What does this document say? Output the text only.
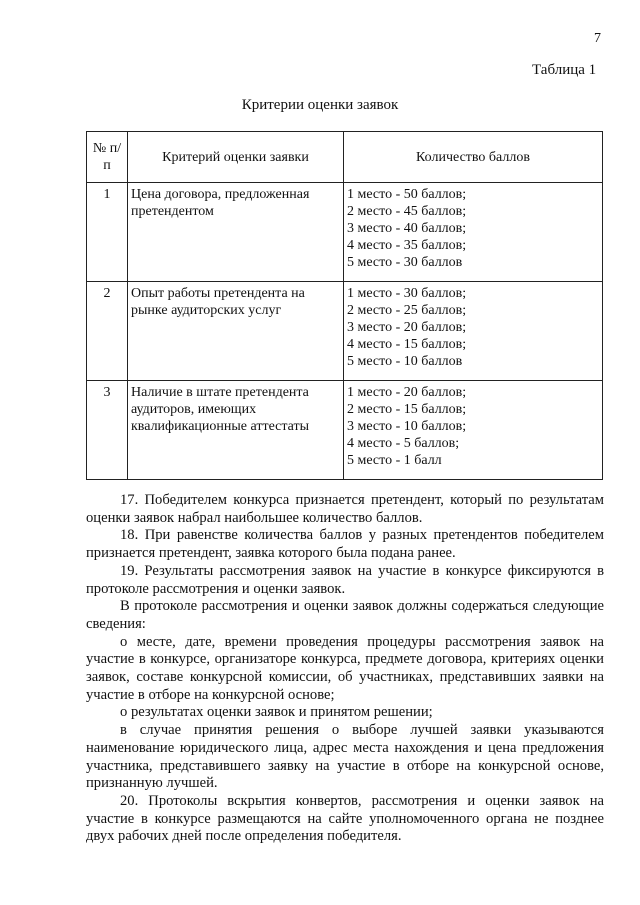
7
Таблица 1
Критерии оценки заявок
№ п/п	Критерий оценки заявки	Количество баллов
1	Цена договора, предложенная претендентом	1 место - 50 баллов;
2 место - 45 баллов;
3 место - 40 баллов;
4 место - 35 баллов;
5 место - 30 баллов

2	Опыт работы претендента на рынке аудиторских услуг	1 место - 30 баллов;
2 место - 25 баллов;
3 место - 20 баллов;
4 место - 15 баллов;
5 место - 10 баллов

3	Наличие в штате претендента аудиторов, имеющих квалификационные аттестаты	1 место - 20 баллов;
2 место - 15 баллов;
3 место - 10 баллов;
4 место - 5 баллов;
5 место - 1 балл

17. Победителем конкурса признается претендент, который по результатам оценки заявок набрал наибольшее количество баллов.

18. При равенстве количества баллов у разных претендентов победителем признается претендент, заявка которого была подана ранее.

19. Результаты рассмотрения заявок на участие в конкурсе фиксируются в протоколе рассмотрения и оценки заявок.

В протоколе рассмотрения и оценки заявок должны содержаться следующие сведения:

о месте, дате, времени проведения процедуры рассмотрения заявок на участие в конкурсе, организаторе конкурса, предмете договора, критериях оценки заявок, составе конкурсной комиссии, об участниках, представивших заявки на участие в отборе на конкурсной основе;

о результатах оценки заявок и принятом решении;

в случае принятия решения о выборе лучшей заявки указываются наименование юридического лица, адрес места нахождения и цена предложения участника, представившего заявку на участие в отборе на конкурсной основе, признанную лучшей.

20. Протоколы вскрытия конвертов, рассмотрения и оценки заявок на участие в конкурсе размещаются на сайте уполномоченного органа не позднее двух рабочих дней после определения победителя.
